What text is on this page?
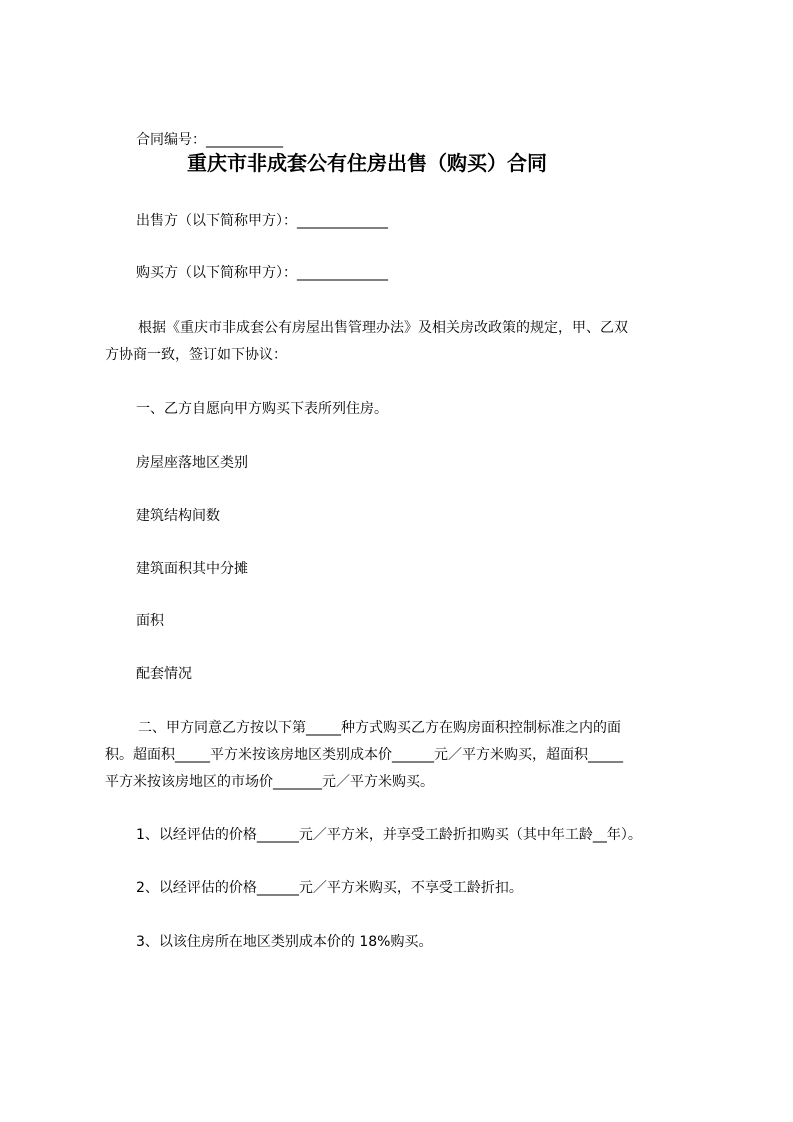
合同编号：___________
重庆市非成套公有住房出售（购买）合同
出售方（以下简称甲方）：_____________
购买方（以下简称甲方）：_____________
根据《重庆市非成套公有房屋出售管理办法》及相关房改政策的规定，甲、乙双
方协商一致，签订如下协议：
一、乙方自愿向甲方购买下表所列住房。
房屋座落地区类别
建筑结构间数
建筑面积其中分摊
面积
配套情况
二、甲方同意乙方按以下第_____种方式购买乙方在购房面积控制标准之内的面
积。超面积_____平方米按该房地区类别成本价______元／平方米购买，超面积_____
平方米按该房地区的市场价_______元／平方米购买。
1、以经评估的价格______元／平方米，并享受工龄折扣购买（其中年工龄__年）。
2、以经评估的价格______元／平方米购买，不享受工龄折扣。
3、以该住房所在地区类别成本价的 18%购买。
